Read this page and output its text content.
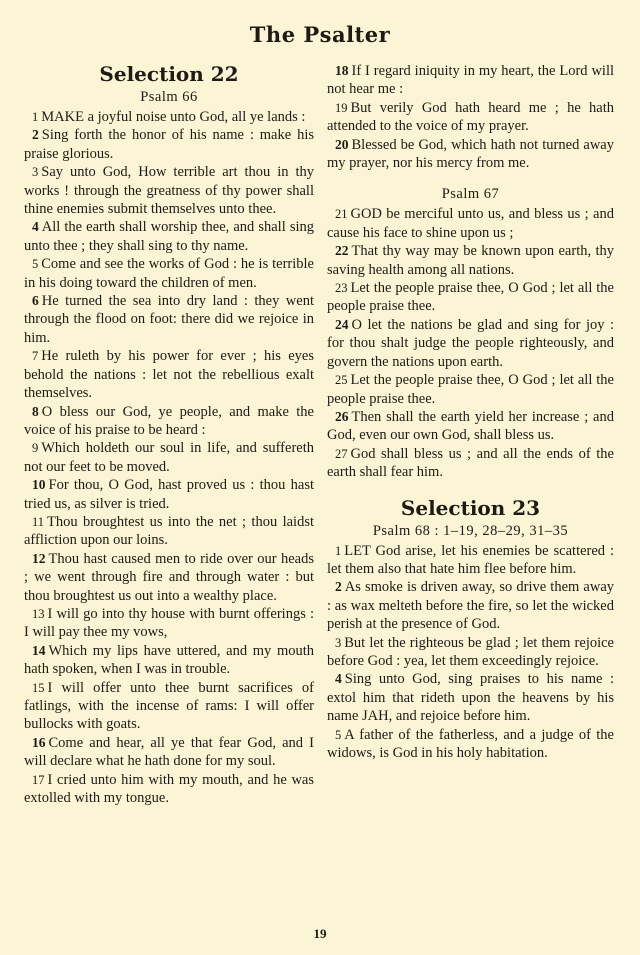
The Psalter
Selection 22
Psalm 66
1 MAKE a joyful noise unto God, all ye lands :
2 Sing forth the honor of his name : make his praise glorious.
3 Say unto God, How terrible art thou in thy works ! through the greatness of thy power shall thine enemies submit themselves unto thee.
4 All the earth shall worship thee, and shall sing unto thee ; they shall sing to thy name.
5 Come and see the works of God : he is terrible in his doing toward the children of men.
6 He turned the sea into dry land : they went through the flood on foot: there did we rejoice in him.
7 He ruleth by his power for ever ; his eyes behold the nations : let not the rebellious exalt themselves.
8 O bless our God, ye people, and make the voice of his praise to be heard :
9 Which holdeth our soul in life, and suffereth not our feet to be moved.
10 For thou, O God, hast proved us : thou hast tried us, as silver is tried.
11 Thou broughtest us into the net ; thou laidst affliction upon our loins.
12 Thou hast caused men to ride over our heads ; we went through fire and through water : but thou broughtest us out into a wealthy place.
13 I will go into thy house with burnt offerings : I will pay thee my vows,
14 Which my lips have uttered, and my mouth hath spoken, when I was in trouble.
15 I will offer unto thee burnt sacrifices of fatlings, with the incense of rams: I will offer bullocks with goats.
16 Come and hear, all ye that fear God, and I will declare what he hath done for my soul.
17 I cried unto him with my mouth, and he was extolled with my tongue.
18 If I regard iniquity in my heart, the Lord will not hear me :
19 But verily God hath heard me ; he hath attended to the voice of my prayer.
20 Blessed be God, which hath not turned away my prayer, nor his mercy from me.
Psalm 67
21 GOD be merciful unto us, and bless us ; and cause his face to shine upon us ;
22 That thy way may be known upon earth, thy saving health among all nations.
23 Let the people praise thee, O God ; let all the people praise thee.
24 O let the nations be glad and sing for joy : for thou shalt judge the people righteously, and govern the nations upon earth.
25 Let the people praise thee, O God ; let all the people praise thee.
26 Then shall the earth yield her increase ; and God, even our own God, shall bless us.
27 God shall bless us ; and all the ends of the earth shall fear him.
Selection 23
Psalm 68 : 1–19, 28–29, 31–35
1 LET God arise, let his enemies be scattered : let them also that hate him flee before him.
2 As smoke is driven away, so drive them away : as wax melteth before the fire, so let the wicked perish at the presence of God.
3 But let the righteous be glad ; let them rejoice before God : yea, let them exceedingly rejoice.
4 Sing unto God, sing praises to his name : extol him that rideth upon the heavens by his name JAH, and rejoice before him.
5 A father of the fatherless, and a judge of the widows, is God in his holy habitation.
19
